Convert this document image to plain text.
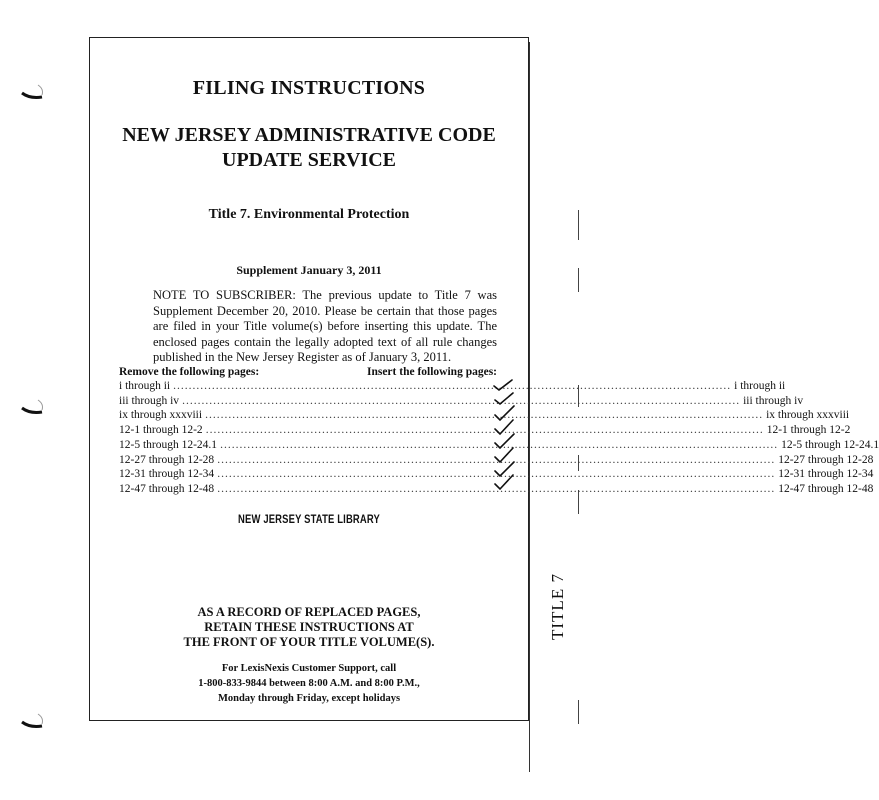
FILING INSTRUCTIONS
NEW JERSEY ADMINISTRATIVE CODE
UPDATE SERVICE
Title 7. Environmental Protection
Supplement January 3, 2011
NOTE TO SUBSCRIBER: The previous update to Title 7 was Supplement December 20, 2010. Please be certain that those pages are filed in your Title volume(s) before inserting this update. The enclosed pages contain the legally adopted text of all rule changes published in the New Jersey Register as of January 3, 2011.
Remove the following pages:	Insert the following pages:
i through ii ................................................................................................................................................ i through ii
iii through iv ................................................................................................................................................ iii through iv
ix through xxxviii ................................................................................................................................................ ix through xxxviii
12-1 through 12-2 ................................................................................................................................................ 12-1 through 12-2
12-5 through 12-24.1 ................................................................................................................................................ 12-5 through 12-24.1
12-27 through 12-28 ................................................................................................................................................ 12-27 through 12-28
12-31 through 12-34 ................................................................................................................................................ 12-31 through 12-34
12-47 through 12-48 ................................................................................................................................................ 12-47 through 12-48
NEW JERSEY STATE LIBRARY
AS A RECORD OF REPLACED PAGES,
RETAIN THESE INSTRUCTIONS AT
THE FRONT OF YOUR TITLE VOLUME(S).
For LexisNexis Customer Support, call
1-800-833-9844 between 8:00 A.M. and 8:00 P.M.,
Monday through Friday, except holidays
TITLE 7
